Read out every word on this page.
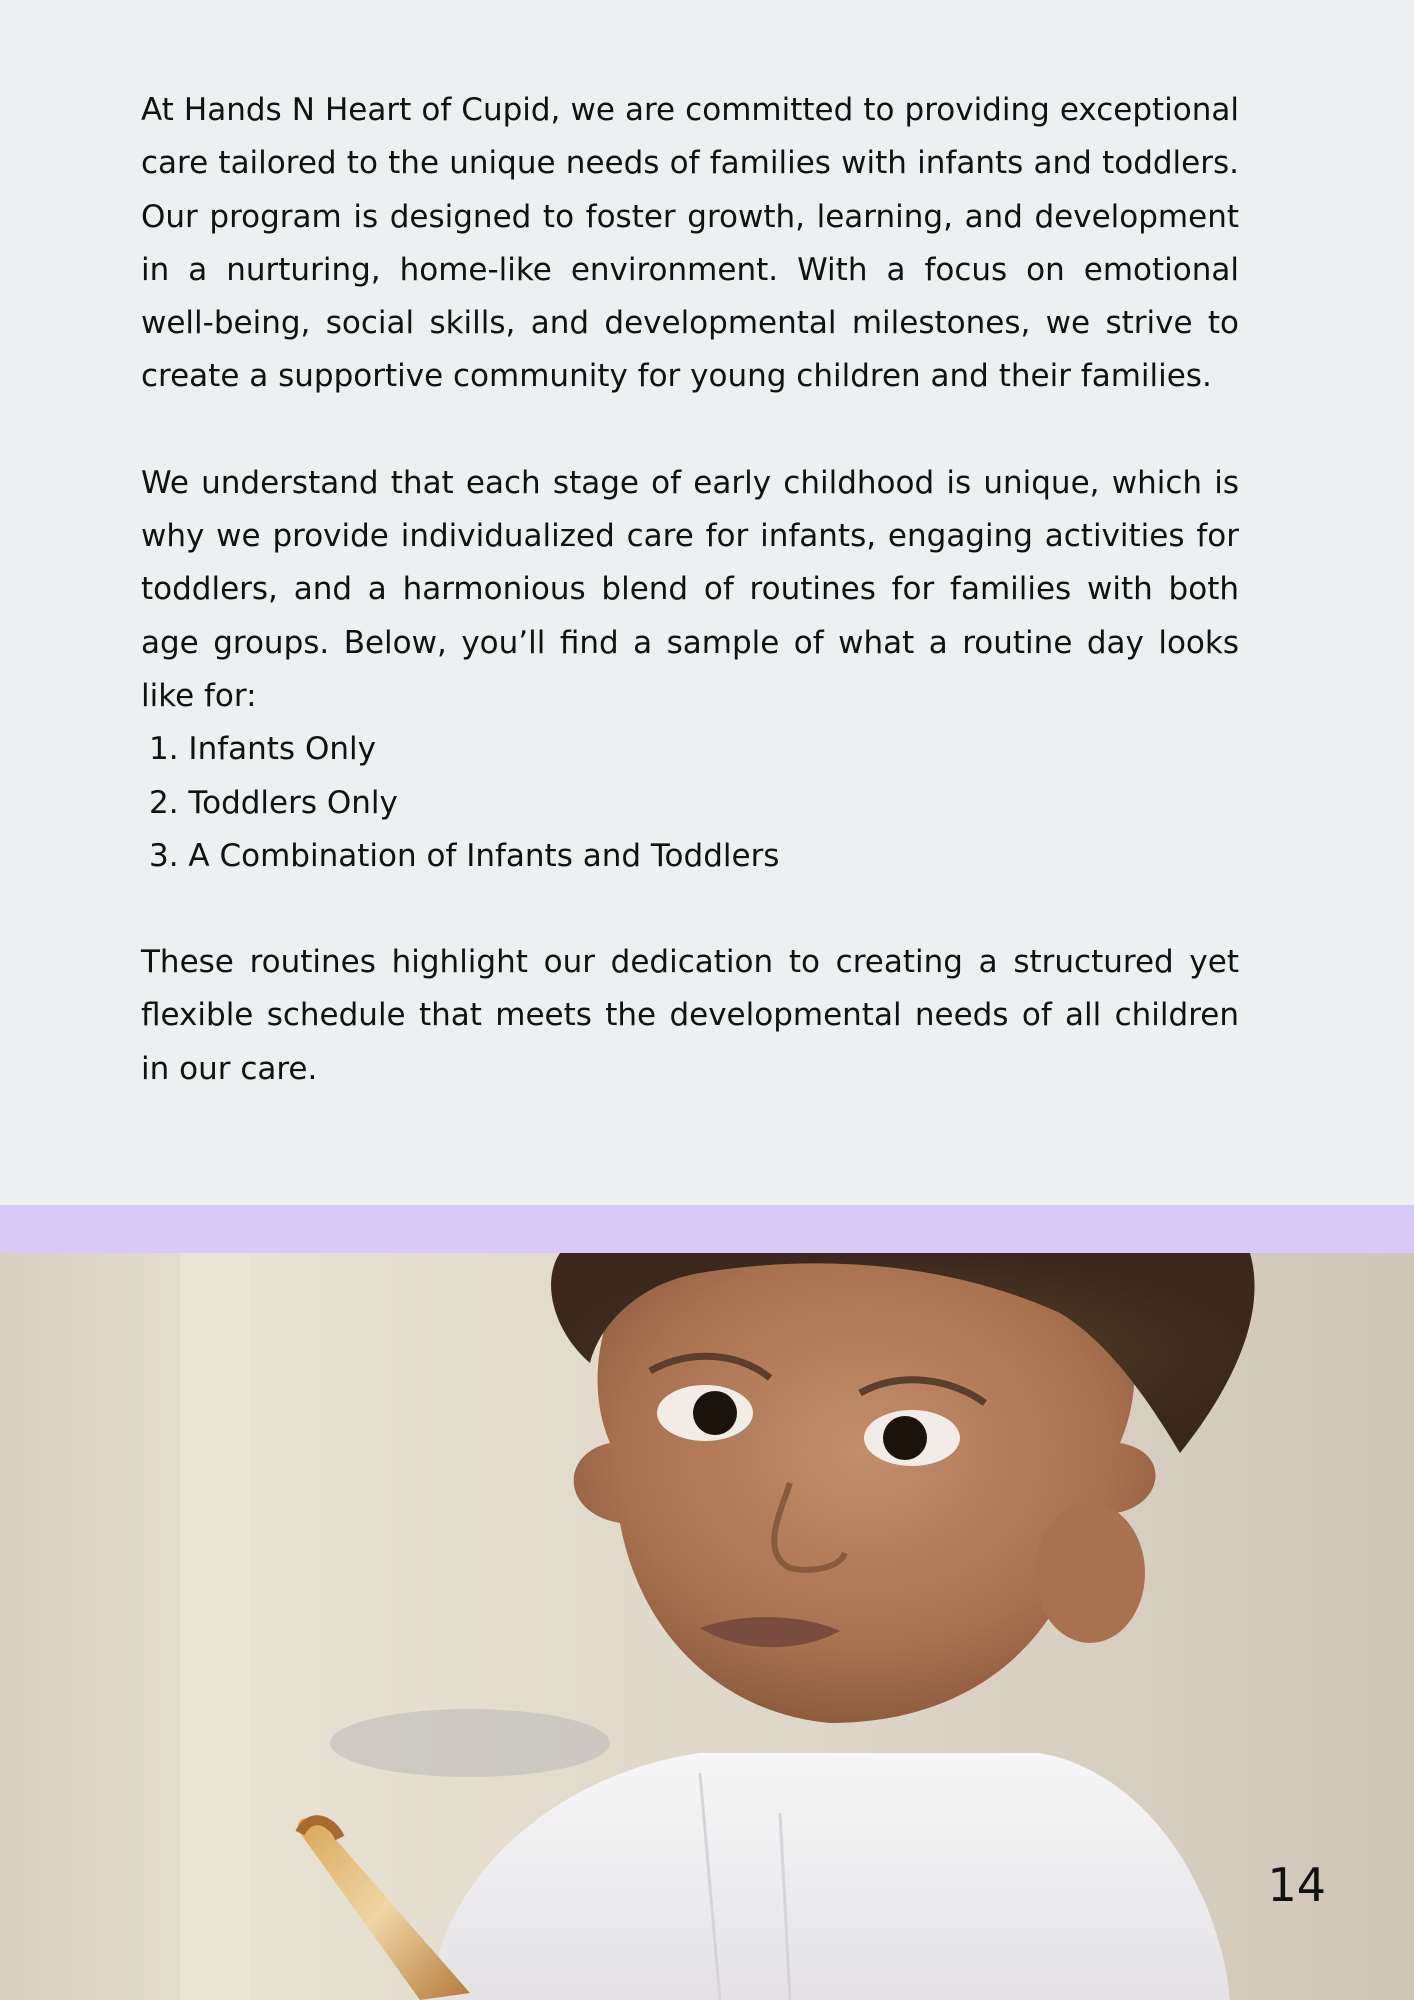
At Hands N Heart of Cupid, we are committed to providing exceptional care tailored to the unique needs of families with infants and toddlers. Our program is designed to foster growth, learning, and development in a nurturing, home-like environment. With a focus on emotional well-being, social skills, and developmental milestones, we strive to create a supportive community for young children and their families.

We understand that each stage of early childhood is unique, which is why we provide individualized care for infants, engaging activities for toddlers, and a harmonious blend of routines for families with both age groups. Below, you’ll find a sample of what a routine day looks like for:
1. Infants Only
2. Toddlers Only
3. A Combination of Infants and Toddlers

These routines highlight our dedication to creating a structured yet flexible schedule that meets the developmental needs of all children in our care.

14
